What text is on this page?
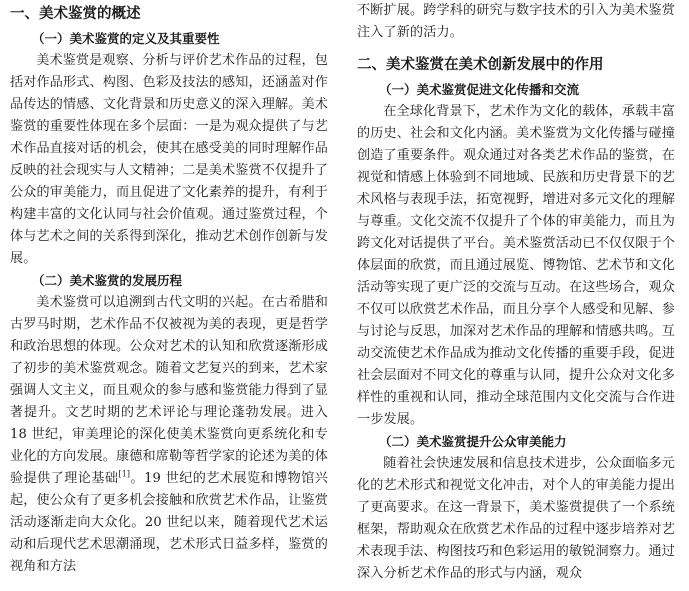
一、美术鉴赏的概述
（一）美术鉴赏的定义及其重要性

美术鉴赏是观察、分析与评价艺术作品的过程，包括对作品形式、构图、色彩及技法的感知，还涵盖对作品传达的情感、文化背景和历史意义的深入理解。美术鉴赏的重要性体现在多个层面：一是为观众提供了与艺术作品直接对话的机会，使其在感受美的同时理解作品反映的社会现实与人文精神；二是美术鉴赏不仅提升了公众的审美能力，而且促进了文化素养的提升，有利于构建丰富的文化认同与社会价值观。通过鉴赏过程，个体与艺术之间的关系得到深化，推动艺术创作创新与发展。

（二）美术鉴赏的发展历程

美术鉴赏可以追溯到古代文明的兴起。在古希腊和古罗马时期，艺术作品不仅被视为美的表现，更是哲学和政治思想的体现。公众对艺术的认知和欣赏逐渐形成了初步的美术鉴赏观念。随着文艺复兴的到来，艺术家强调人文主义，而且观众的参与感和鉴赏能力得到了显著提升。文艺时期的艺术评论与理论蓬勃发展。进入 18 世纪，审美理论的深化使美术鉴赏向更系统化和专业化的方向发展。康德和席勒等哲学家的论述为美的体验提供了理论基础[1]。19 世纪的艺术展览和博物馆兴起，使公众有了更多机会接触和欣赏艺术作品，让鉴赏活动逐渐走向大众化。20 世纪以来，随着现代艺术运动和后现代艺术思潮涌现，艺术形式日益多样，鉴赏的视角和方法

不断扩展。跨学科的研究与数字技术的引入为美术鉴赏注入了新的活力。

二、美术鉴赏在美术创新发展中的作用
（一）美术鉴赏促进文化传播和交流

在全球化背景下，艺术作为文化的载体，承载丰富的历史、社会和文化内涵。美术鉴赏为文化传播与碰撞创造了重要条件。观众通过对各类艺术作品的鉴赏，在视觉和情感上体验到不同地域、民族和历史背景下的艺术风格与表现手法，拓宽视野，增进对多元文化的理解与尊重。文化交流不仅提升了个体的审美能力，而且为跨文化对话提供了平台。美术鉴赏活动已不仅仅限于个体层面的欣赏，而且通过展览、博物馆、艺术节和文化活动等实现了更广泛的交流与互动。在这些场合，观众不仅可以欣赏艺术作品，而且分享个人感受和见解、参与讨论与反思，加深对艺术作品的理解和情感共鸣。互动交流使艺术作品成为推动文化传播的重要手段，促进社会层面对不同文化的尊重与认同，提升公众对文化多样性的重视和认同，推动全球范围内文化交流与合作进一步发展。

（二）美术鉴赏提升公众审美能力

随着社会快速发展和信息技术进步，公众面临多元化的艺术形式和视觉文化冲击，对个人的审美能力提出了更高要求。在这一背景下，美术鉴赏提供了一个系统框架，帮助观众在欣赏艺术作品的过程中逐步培养对艺术表现手法、构图技巧和色彩运用的敏锐洞察力。通过深入分析艺术作品的形式与内涵，观众
